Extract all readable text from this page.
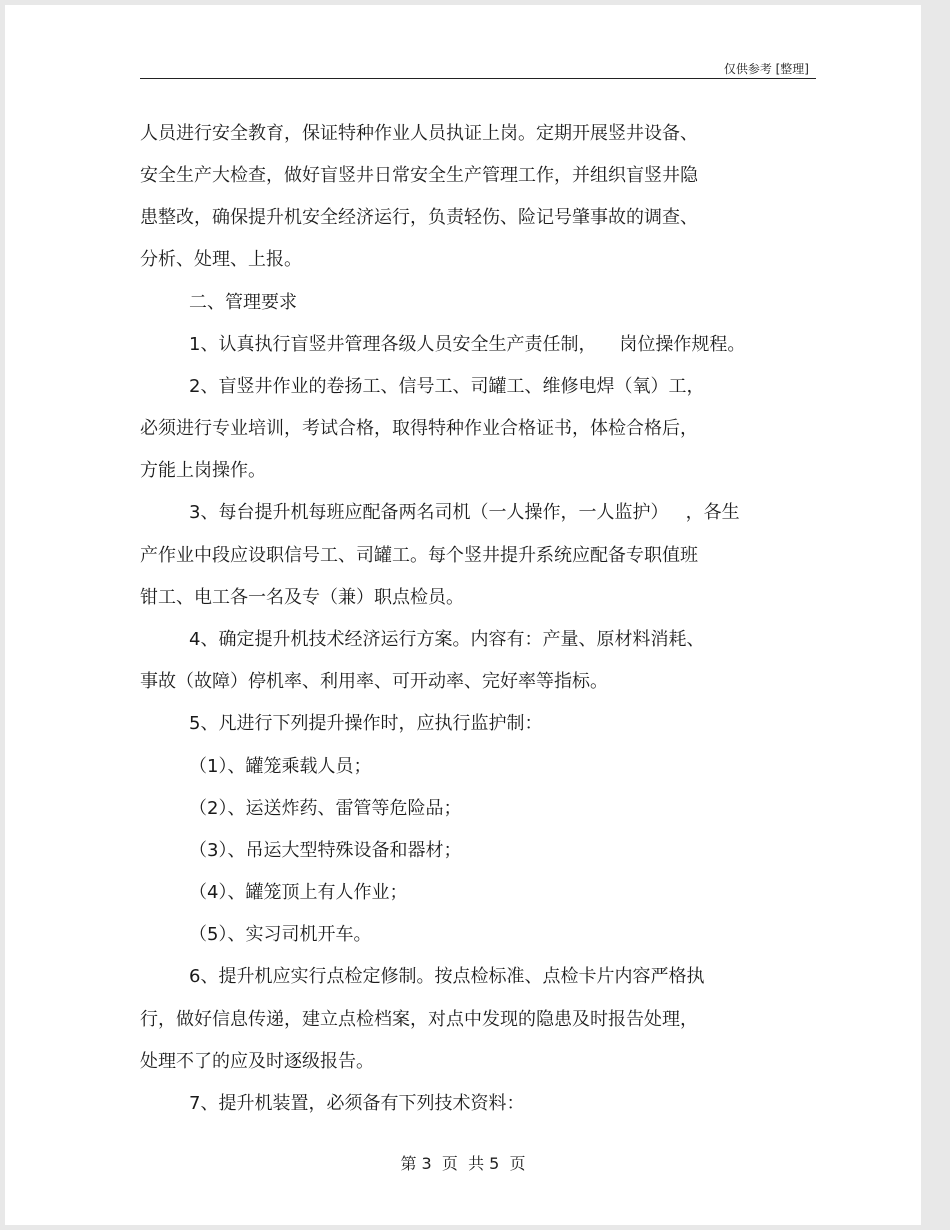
仅供参考 [整理]
人员进行安全教育，保证特种作业人员执证上岗。定期开展竖井设备、
安全生产大检查，做好盲竖井日常安全生产管理工作，并组织盲竖井隐
患整改，确保提升机安全经济运行，负责轻伤、险记号肇事故的调查、
分析、处理、上报。
二、管理要求
1、认真执行盲竖井管理各级人员安全生产责任制，    岗位操作规程。
2、盲竖井作业的卷扬工、信号工、司罐工、维修电焊（氧）工，
必须进行专业培训，考试合格，取得特种作业合格证书，体检合格后，
方能上岗操作。
3、每台提升机每班应配备两名司机（一人操作，一人监护）   ，各生
产作业中段应设职信号工、司罐工。每个竖井提升系统应配备专职值班
钳工、电工各一名及专（兼）职点检员。
4、确定提升机技术经济运行方案。内容有：产量、原材料消耗、
事故（故障）停机率、利用率、可开动率、完好率等指标。
5、凡进行下列提升操作时，应执行监护制：
（1）、罐笼乘载人员；
（2）、运送炸药、雷管等危险品；
（3）、吊运大型特殊设备和器材；
（4）、罐笼顶上有人作业；
（5）、实习司机开车。
6、提升机应实行点检定修制。按点检标准、点检卡片内容严格执
行，做好信息传递，建立点检档案，对点中发现的隐患及时报告处理，
处理不了的应及时逐级报告。
7、提升机装置，必须备有下列技术资料：
第 3  页  共 5  页
